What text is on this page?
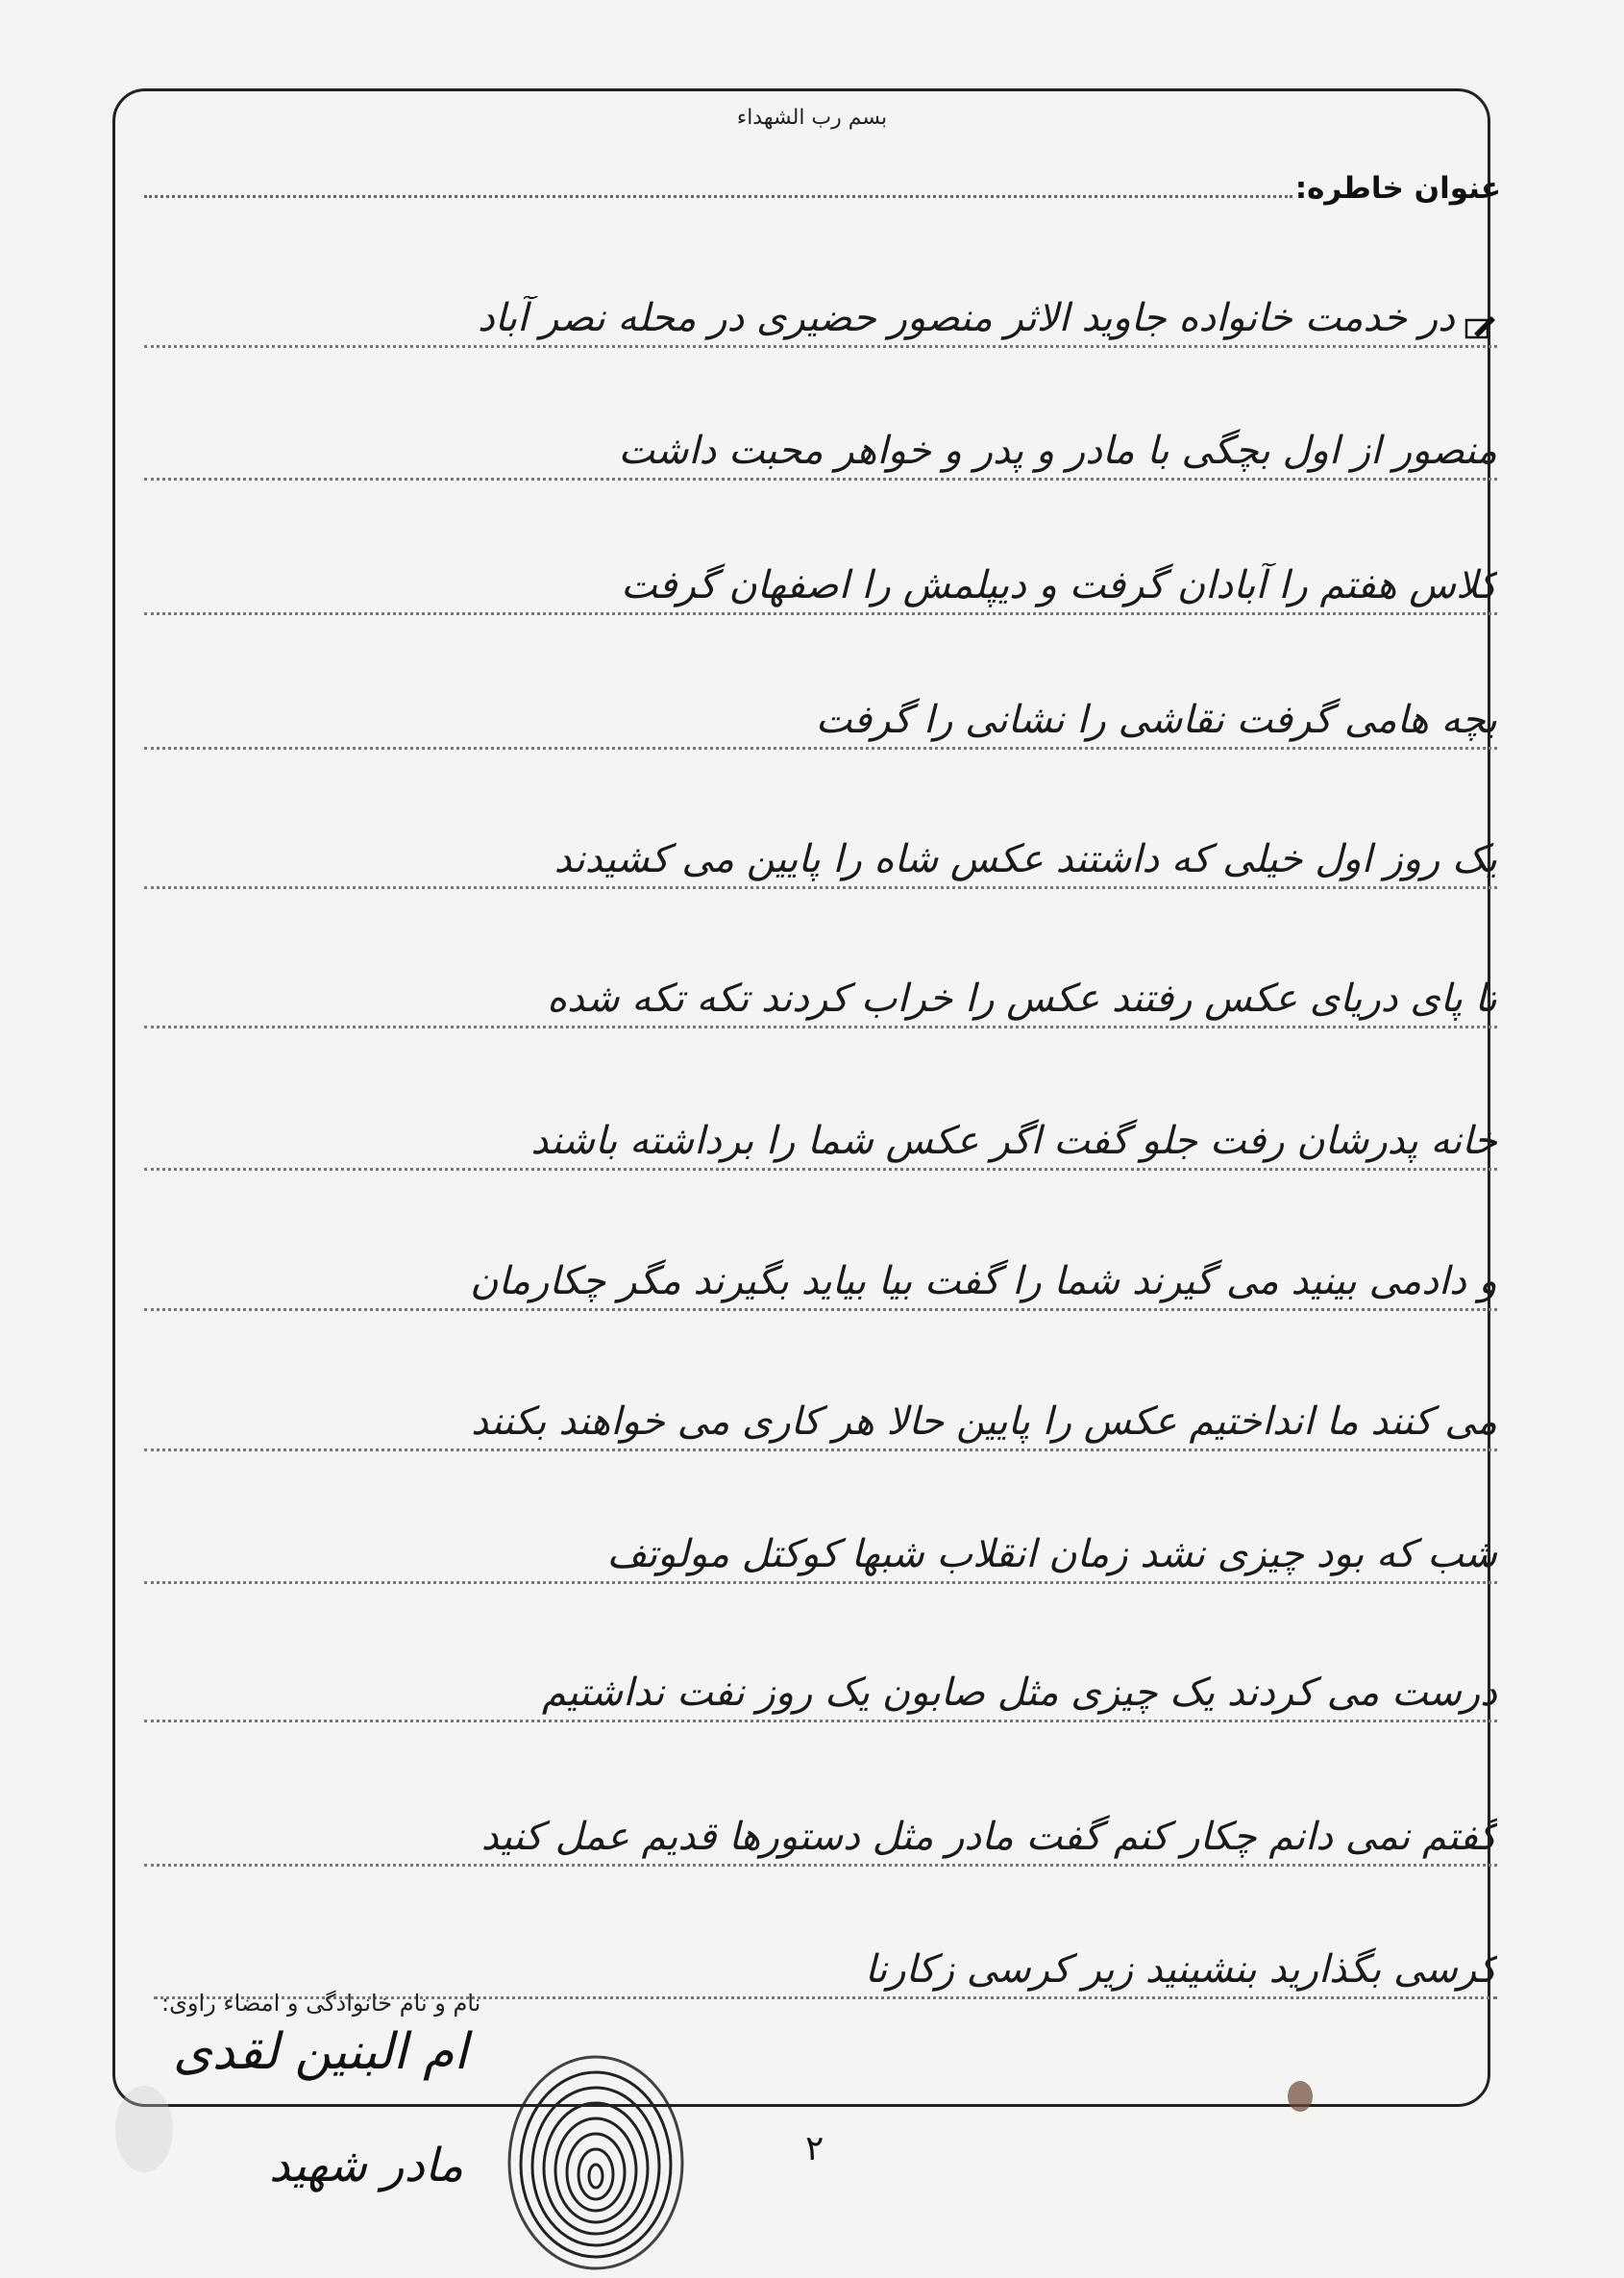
بسم رب الشهداء
عنوان خاطره:
در خدمت خانواده جاوید الاثر منصور حضیری در محله نصر آباد
منصور از اول بچگی با مادر و پدر و خواهر محبت داشت
کلاس هفتم را آبادان گرفت و دیپلمش را اصفهان گرفت
بچه هامی گرفت نقاشی را نشانی را گرفت
یک روز اول خیلی که داشتند عکس شاه را پایین می کشیدند
تا پای دریای عکس رفتند عکس را خراب کردند تکه تکه شده
خانه پدرشان رفت جلو گفت اگر عکس شما را برداشته باشند
و دادمی بینید می گیرند شما را گفت بیا بیاید بگیرند مگر چکارمان
می کنند ما انداختیم عکس را پایین حالا هر کاری می خواهند بکنند
شب که بود چیزی نشد زمان انقلاب شبها کوکتل مولوتف
درست می کردند یک چیزی مثل صابون یک روز نفت نداشتیم
گفتم نمی دانم چکار کنم گفت مادر مثل دستورها قدیم عمل کنید
کرسی بگذارید بنشینید زیر کرسی زکارنا
نام و نام خانوادگی و امضاء راوی:
ام البنین لقدی
مادر شهید	۲
